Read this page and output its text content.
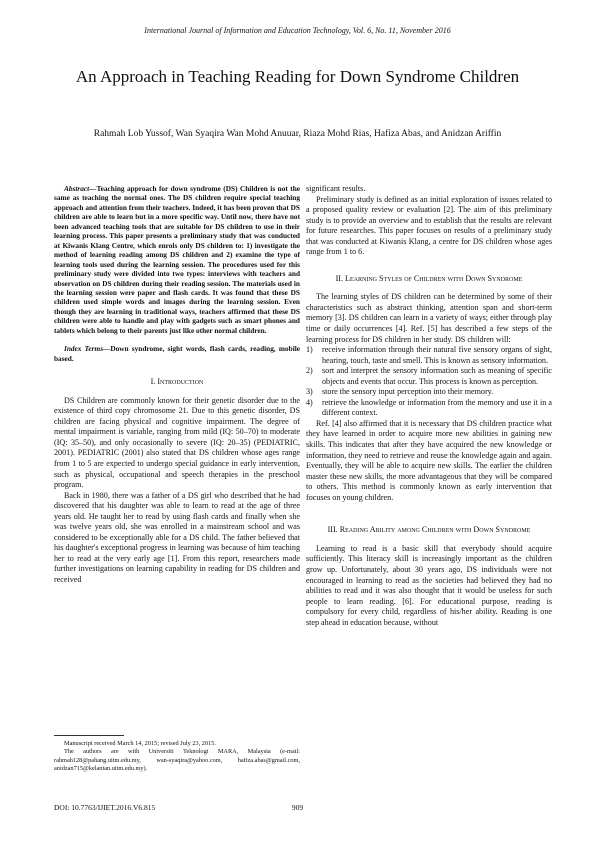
International Journal of Information and Education Technology, Vol. 6, No. 11, November 2016
An Approach in Teaching Reading for Down Syndrome Children
Rahmah Lob Yussof, Wan Syaqira Wan Mohd Anuuar, Riaza Mohd Rias, Hafiza Abas, and Anidzan Ariffin

Abstract—Teaching approach for down syndrome (DS) Children is not the same as teaching the normal ones. The DS children require special teaching approach and attention from their teachers. Indeed, it has been proven that DS children are able to learn but in a more specific way. Until now, there have not been advanced teaching tools that are suitable for DS children to use in their learning process. This paper presents a preliminary study that was conducted at Kiwanis Klang Centre, which enrols only DS children to: 1) investigate the method of learning reading among DS children and 2) examine the type of learning tools used during the learning session. The procedures used for this preliminary study were divided into two types: interviews with teachers and observation on DS children during their reading session. The materials used in the learning session were paper and flash cards. It was found that these DS children used simple words and images during the learning session. Even though they are learning in traditional ways, teachers affirmed that these DS children were able to handle and play with gadgets such as smart phones and tablets which belong to their parents just like other normal children.

Index Terms—Down syndrome, sight words, flash cards, reading, mobile based.

I. Introduction

DS Children are commonly known for their genetic disorder due to the existence of third copy chromosome 21. Due to this genetic disorder, DS children are facing physical and cognitive impairment. The degree of mental impairment is variable, ranging from mild (IQ: 50–70) to moderate (IQ: 35–50), and only occasionally to severe (IQ: 20–35) (PEDIATRIC, 2001). PEDIATRIC (2001) also stated that DS children whose ages range from 1 to 5 are expected to undergo special guidance in early intervention, such as physical, occupational and speech therapies in the preschool program.

Back in 1980, there was a father of a DS girl who described that he had discovered that his daughter was able to learn to read at the age of three years old. He taught her to read by using flash cards and finally when she was twelve years old, she was enrolled in a mainstream school and was considered to be exceptionally able for a DS child. The father believed that his daughter's exceptional progress in learning was because of him teaching her to read at the very early age [1]. From this report, researchers made further investigations on learning capability in reading for DS children and received

significant results.

Preliminary study is defined as an initial exploration of issues related to a proposed quality review or evaluation [2]. The aim of this preliminary study is to provide an overview and to establish that the results are relevant for future researches. This paper focuses on results of a preliminary study that was conducted at Kiwanis Klang, a centre for DS children whose ages range from 1 to 6.

II. Learning Styles of Children with Down Syndrome

The learning styles of DS children can be determined by some of their characteristics such as abstract thinking, attention span and short-term memory [3]. DS children can learn in a variety of ways; either through play time or daily occurrences [4]. Ref. [5] has described a few steps of the learning process for DS children in her study. DS children will:

1) receive information through their natural five sensory organs of sight, hearing, touch, taste and smell. This is known as sensory information.
2) sort and interpret the sensory information such as meaning of specific objects and events that occur. This process is known as perception.
3) store the sensory input perception into their memory.
4) retrieve the knowledge or information from the memory and use it in a different context.

Ref. [4] also affirmed that it is necessary that DS children practice what they have learned in order to acquire more new abilities in gaining new skills. This indicates that after they have acquired the new knowledge or information, they need to retrieve and reuse the knowledge again and again. Eventually, they will be able to acquire new skills. The earlier the children master these new skills, the more advantageous that they will be compared to others. This method is commonly known as early intervention that focuses on young children.

III. Reading Ability among Children with Down Syndrome

Learning to read is a basic skill that everybody should acquire sufficiently. This literacy skill is increasingly important as the children grow up. Unfortunately, about 30 years ago, DS individuals were not encouraged in learning to read as the societies had believed they had no abilities to read and it was also thought that it would be useless for such people to learn reading. [6]. For educational purpose, reading is compulsory for every child, regardless of his/her ability. Reading is one step ahead in education because, without

Manuscript received March 14, 2015; revised July 23, 2015.

The authors are with Universiti Teknologi MARA, Malaysia (e-mail: rahmah128@pahang.uitm.edu.my, wan-syaqira@yahoo.com, hafiza.abas@gmail.com, anidzan715@kelantan.uitm.edu.my).

DOI: 10.7763/IJIET.2016.V6.815	909
